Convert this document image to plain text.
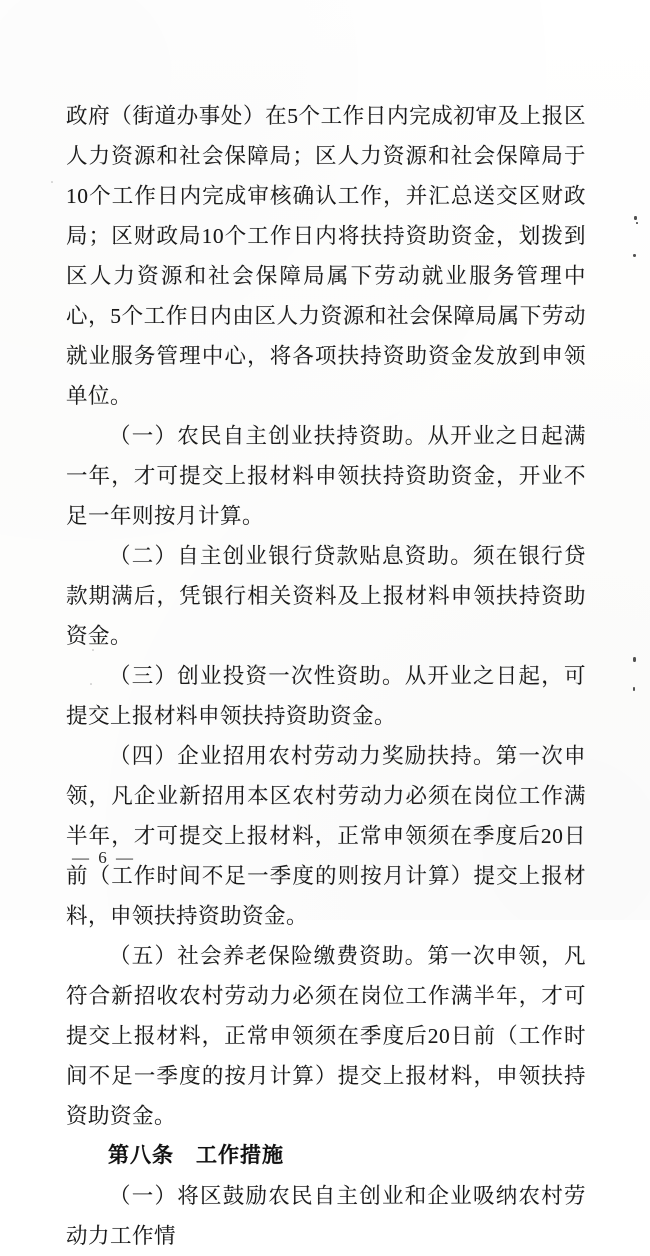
政府（街道办事处）在5个工作日内完成初审及上报区人力资源和社会保障局；区人力资源和社会保障局于10个工作日内完成审核确认工作，并汇总送交区财政局；区财政局10个工作日内将扶持资助资金，划拨到区人力资源和社会保障局属下劳动就业服务管理中心，5个工作日内由区人力资源和社会保障局属下劳动就业服务管理中心，将各项扶持资助资金发放到申领单位。

（一）农民自主创业扶持资助。从开业之日起满一年，才可提交上报材料申领扶持资助资金，开业不足一年则按月计算。

（二）自主创业银行贷款贴息资助。须在银行贷款期满后，凭银行相关资料及上报材料申领扶持资助资金。

（三）创业投资一次性资助。从开业之日起，可提交上报材料申领扶持资助资金。

（四）企业招用农村劳动力奖励扶持。第一次申领，凡企业新招用本区农村劳动力必须在岗位工作满半年，才可提交上报材料，正常申领须在季度后20日前（工作时间不足一季度的则按月计算）提交上报材料，申领扶持资助资金。

（五）社会养老保险缴费资助。第一次申领，凡符合新招收农村劳动力必须在岗位工作满半年，才可提交上报材料，正常申领须在季度后20日前（工作时间不足一季度的按月计算）提交上报材料，申领扶持资助资金。

第八条　工作措施

（一）将区鼓励农民自主创业和企业吸纳农村劳动力工作情

— 6 —
